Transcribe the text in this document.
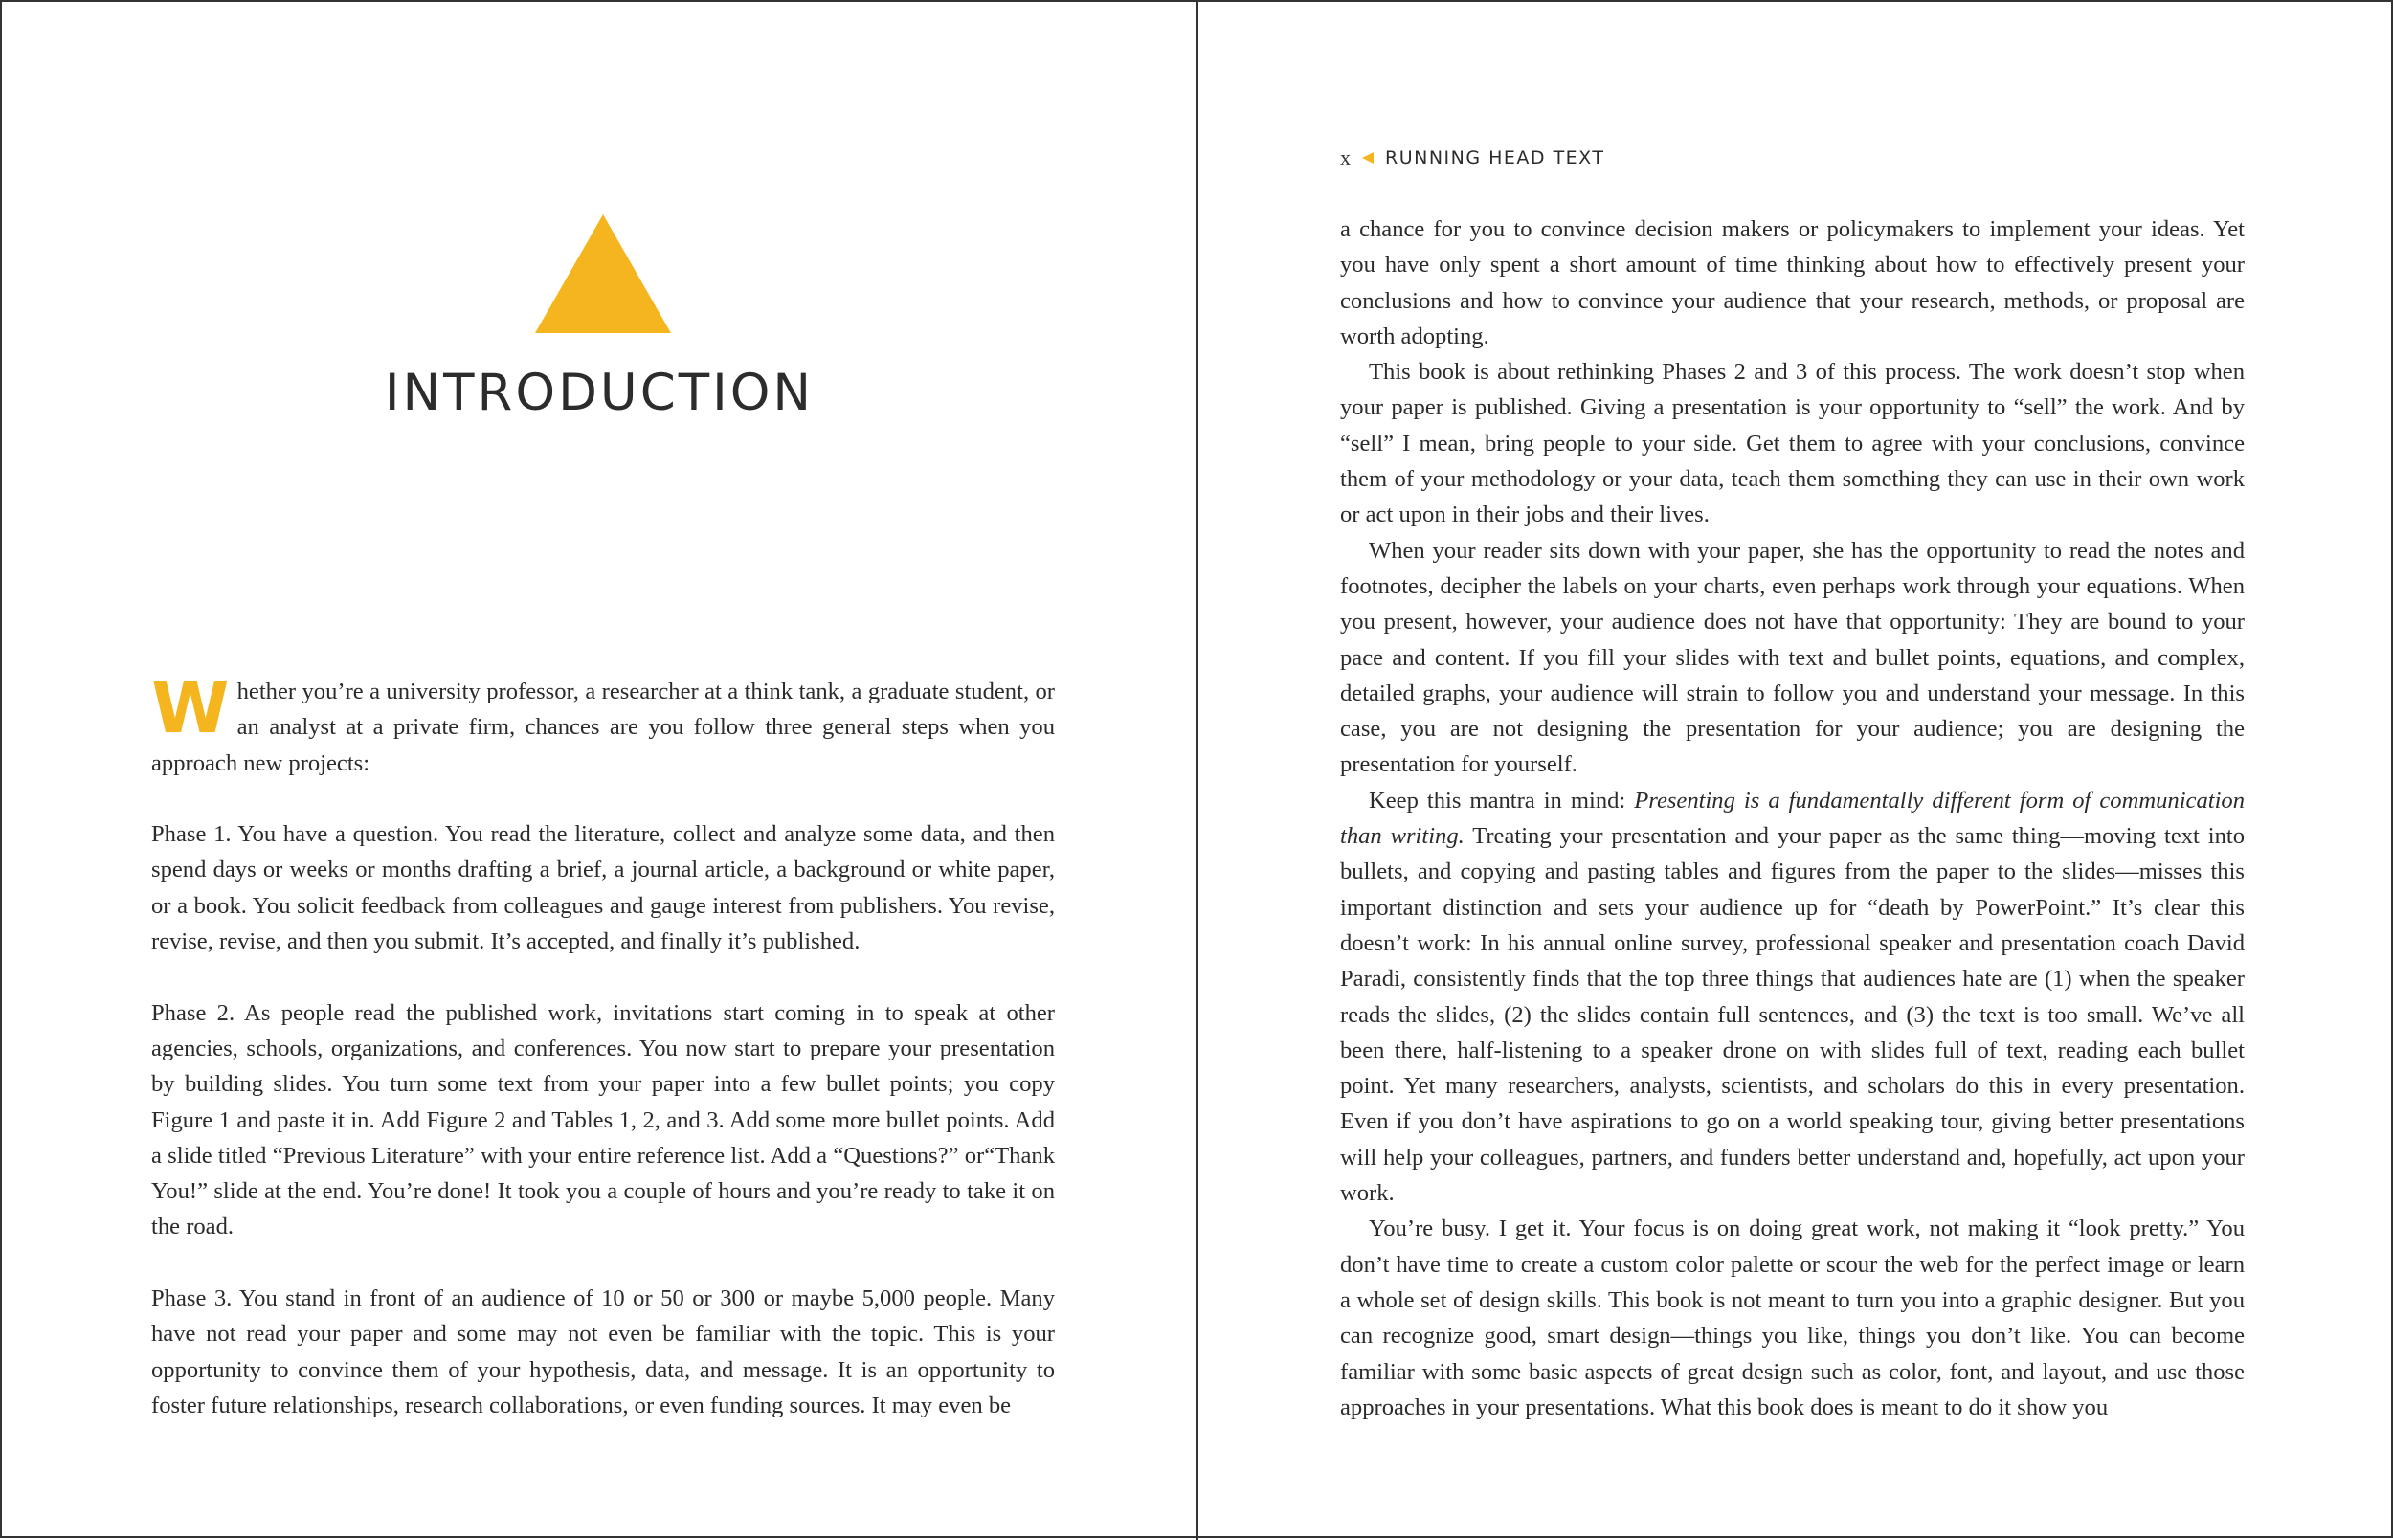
INTRODUCTION

Whether you’re a university professor, a researcher at a think tank, a graduate student, or an analyst at a private firm, chances are you follow three general steps when you approach new projects:

Phase 1. You have a question. You read the literature, collect and analyze some data, and then spend days or weeks or months drafting a brief, a journal article, a background or white paper, or a book. You solicit feedback from colleagues and gauge interest from publishers. You revise, revise, revise, and then you submit. It’s accepted, and finally it’s published.

Phase 2. As people read the published work, invitations start coming in to speak at other agencies, schools, organizations, and conferences. You now start to prepare your presentation by building slides. You turn some text from your paper into a few bullet points; you copy Figure 1 and paste it in. Add Figure 2 and Tables 1, 2, and 3. Add some more bullet points. Add a slide titled “Previous Literature” with your entire reference list. Add a “Questions?” or“Thank You!” slide at the end. You’re done! It took you a couple of hours and you’re ready to take it on the road.

Phase 3. You stand in front of an audience of 10 or 50 or 300 or maybe 5,000 people. Many have not read your paper and some may not even be familiar with the topic. This is your opportunity to convince them of your hypothesis, data, and message. It is an opportunity to foster future relationships, research collaborations, or even funding sources. It may even be

x RUNNING HEAD TEXT

a chance for you to convince decision makers or policymakers to implement your ideas. Yet you have only spent a short amount of time thinking about how to effectively present your conclusions and how to convince your audience that your research, methods, or proposal are worth adopting.

This book is about rethinking Phases 2 and 3 of this process. The work doesn’t stop when your paper is published. Giving a presentation is your opportunity to “sell” the work. And by “sell” I mean, bring people to your side. Get them to agree with your conclusions, convince them of your methodology or your data, teach them something they can use in their own work or act upon in their jobs and their lives.

When your reader sits down with your paper, she has the opportunity to read the notes and footnotes, decipher the labels on your charts, even perhaps work through your equations. When you present, however, your audience does not have that opportunity: They are bound to your pace and content. If you fill your slides with text and bullet points, equations, and complex, detailed graphs, your audience will strain to follow you and understand your message. In this case, you are not designing the presentation for your audience; you are designing the presentation for yourself.

Keep this mantra in mind: Presenting is a fundamentally different form of communication than writing. Treating your presentation and your paper as the same thing—moving text into bullets, and copying and pasting tables and figures from the paper to the slides—misses this important distinction and sets your audience up for “death by PowerPoint.” It’s clear this doesn’t work: In his annual online survey, professional speaker and presentation coach David Paradi, consistently finds that the top three things that audiences hate are (1) when the speaker reads the slides, (2) the slides contain full sentences, and (3) the text is too small. We’ve all been there, half-listening to a speaker drone on with slides full of text, reading each bullet point. Yet many researchers, analysts, scientists, and scholars do this in every presentation. Even if you don’t have aspirations to go on a world speaking tour, giving better presentations will help your colleagues, partners, and funders better understand and, hopefully, act upon your work.

You’re busy. I get it. Your focus is on doing great work, not making it “look pretty.” You don’t have time to create a custom color palette or scour the web for the perfect image or learn a whole set of design skills. This book is not meant to turn you into a graphic designer. But you can recognize good, smart design—things you like, things you don’t like. You can become familiar with some basic aspects of great design such as color, font, and layout, and use those approaches in your presentations. What this book does is meant to do it show you
